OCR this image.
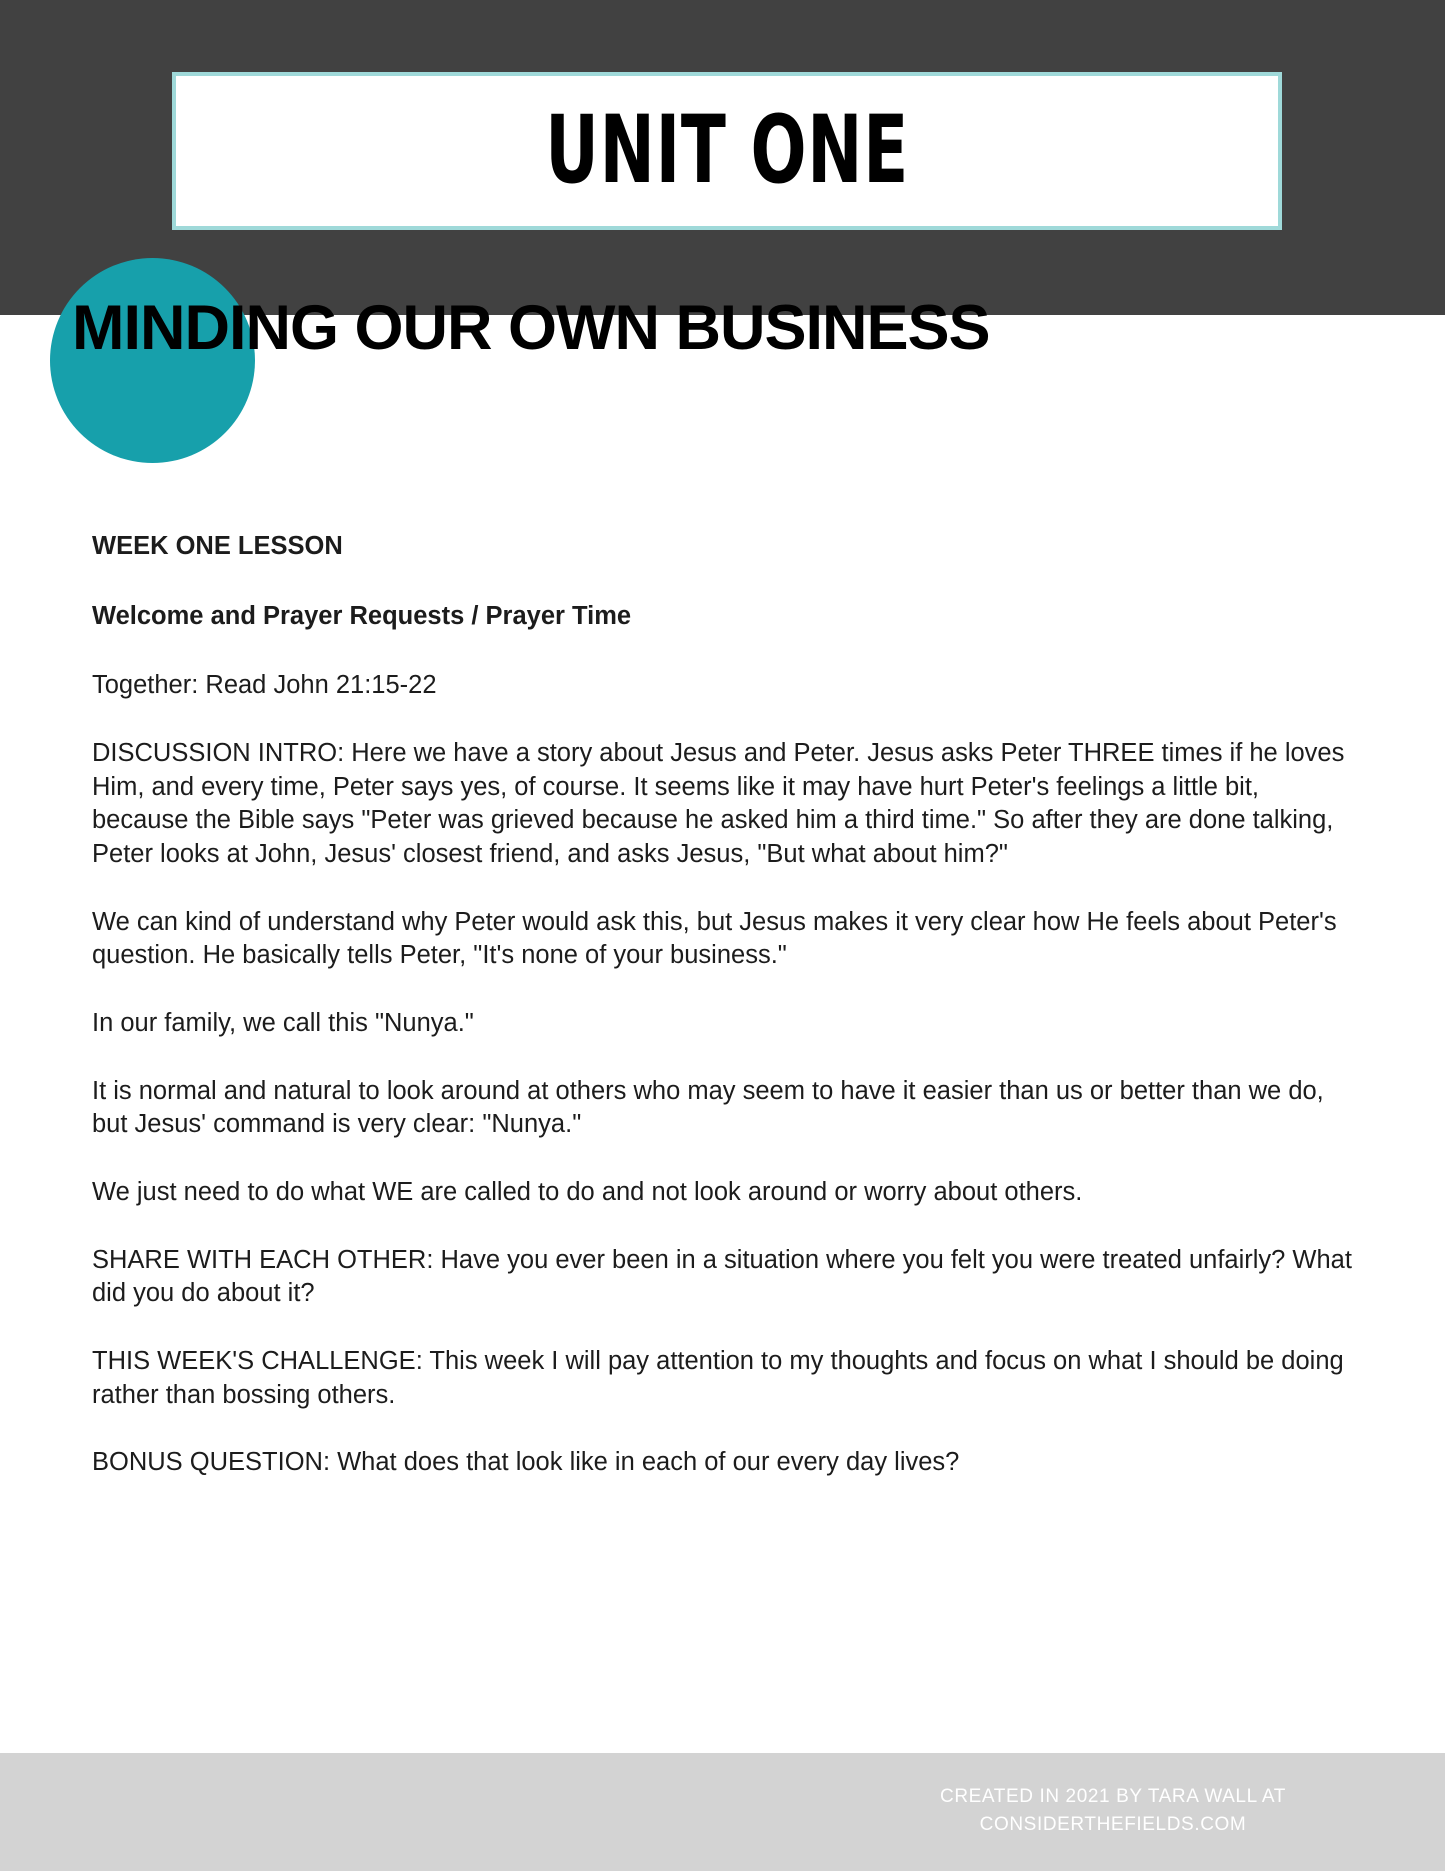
UNIT ONE
MINDING OUR OWN BUSINESS

WEEK ONE LESSON

Welcome and Prayer Requests / Prayer Time

Together: Read John 21:15-22

DISCUSSION INTRO: Here we have a story about Jesus and Peter. Jesus asks Peter THREE times if he loves Him, and every time, Peter says yes, of course. It seems like it may have hurt Peter's feelings a little bit, because the Bible says "Peter was grieved because he asked him a third time." So after they are done talking, Peter looks at John, Jesus' closest friend, and asks Jesus, "But what about him?"

We can kind of understand why Peter would ask this, but Jesus makes it very clear how He feels about Peter's question. He basically tells Peter, "It's none of your business."

In our family, we call this "Nunya."

It is normal and natural to look around at others who may seem to have it easier than us or better than we do, but Jesus' command is very clear: "Nunya."

We just need to do what WE are called to do and not look around or worry about others.

SHARE WITH EACH OTHER: Have you ever been in a situation where you felt you were treated unfairly? What did you do about it?

THIS WEEK'S CHALLENGE: This week I will pay attention to my thoughts and focus on what I should be doing rather than bossing others.

BONUS QUESTION: What does that look like in each of our every day lives?

CREATED IN 2021 BY TARA WALL AT
CONSIDERTHEFIELDS.COM
